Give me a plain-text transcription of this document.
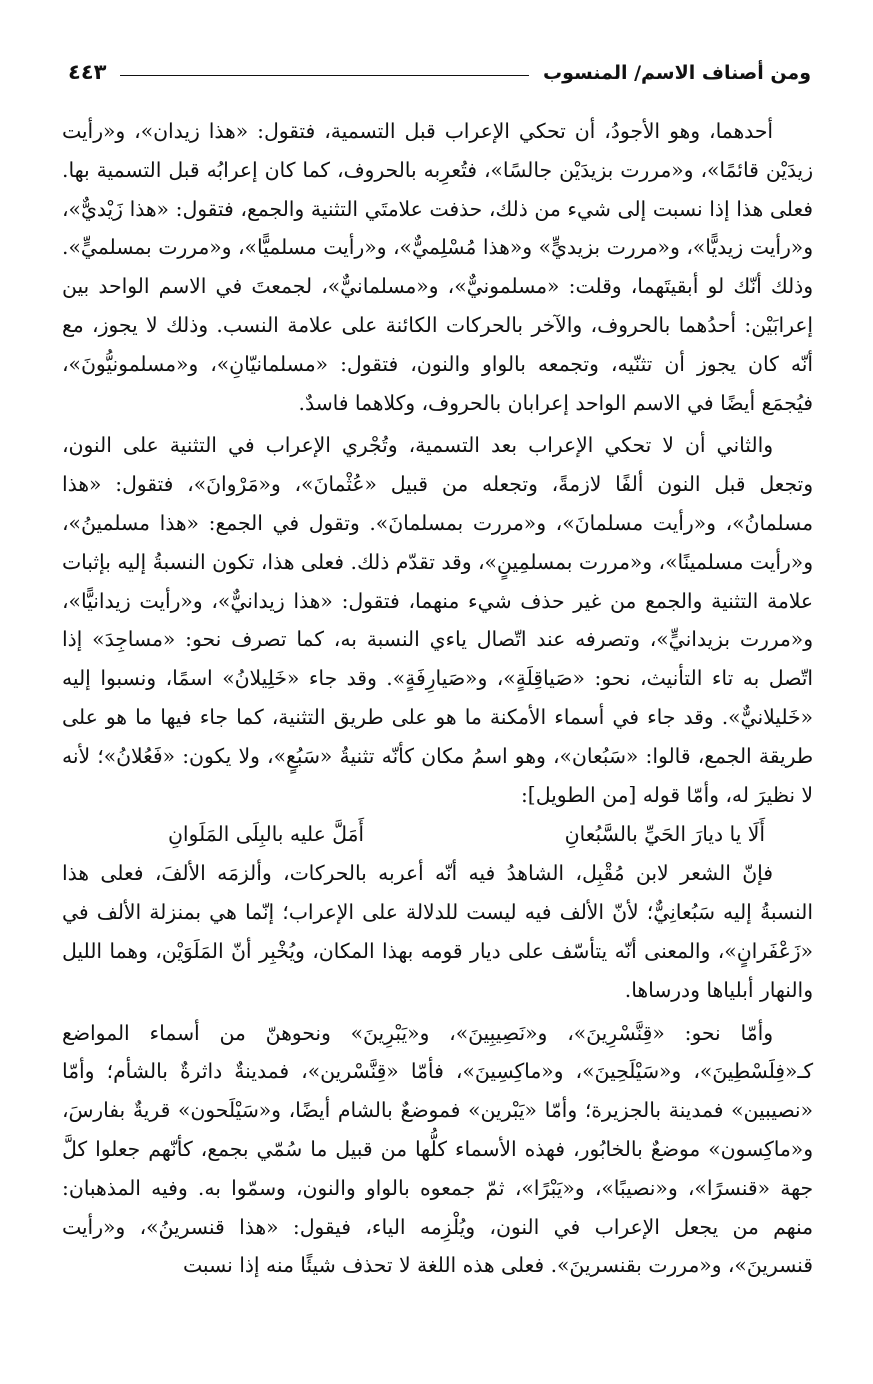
ومن أصناف الاسم/ المنسوب
٤٤٣

أحدهما، وهو الأجودُ، أن تحكي الإعراب قبل التسمية، فتقول: «هذا زيدان»، و«رأيت زيدَيْن قائمًا»، و«مررت بزيدَيْن جالسًا»، فتُعرِبه بالحروف، كما كان إعرابُه قبل التسمية بها. فعلى هذا إذا نسبت إلى شيء من ذلك، حذفت علامتَي التثنية والجمع، فتقول: «هذا زَيْديٌّ»، و«رأيت زيديًّا»، و«مررت بزيديٍّ» و«هذا مُسْلِميٌّ»، و«رأيت مسلميًّا»، و«مررت بمسلميٍّ». وذلك أنّك لو أبقيتَهما، وقلت: «مسلمونيٌّ»، و«مسلمانيٌّ»، لجمعتَ في الاسم الواحد بين إعرابَيْن: أحدُهما بالحروف، والآخر بالحركات الكائنة على علامة النسب. وذلك لا يجوز، مع أنّه كان يجوز أن تثنّيه، وتجمعه بالواو والنون، فتقول: «مسلمانيّانِ»، و«مسلمونيُّونَ»، فيُجمَع أيضًا في الاسم الواحد إعرابان بالحروف، وكلاهما فاسدٌ.

والثاني أن لا تحكي الإعراب بعد التسمية، وتُجْري الإعراب في التثنية على النون، وتجعل قبل النون ألفًا لازمةً، وتجعله من قبيل «عُثْمانَ»، و«مَرْوانَ»، فتقول: «هذا مسلمانُ»، و«رأيت مسلمانَ»، و«مررت بمسلمانَ». وتقول في الجمع: «هذا مسلمينُ»، و«رأيت مسلمينًا»، و«مررت بمسلمِينٍ»، وقد تقدّم ذلك. فعلى هذا، تكون النسبةُ إليه بإثبات علامة التثنية والجمع من غير حذف شيء منهما، فتقول: «هذا زيدانيٌّ»، و«رأيت زيدانيًّا»، و«مررت بزيدانيٍّ»، وتصرفه عند اتّصال ياءي النسبة به، كما تصرف نحو: «مساجِدَ» إذا اتّصل به تاء التأنيث، نحو: «صَياقِلَةٍ»، و«صَيارِفَةٍ». وقد جاء «خَلِيلانُ» اسمًا، ونسبوا إليه «خَليلانيٌّ». وقد جاء في أسماء الأمكنة ما هو على طريق التثنية، كما جاء فيها ما هو على طريقة الجمع، قالوا: «سَبُعان»، وهو اسمُ مكان كأنّه تثنيةُ «سَبُعٍ»، ولا يكون: «فَعُلانُ»؛ لأنه لا نظيرَ له، وأمّا قوله [من الطويل]:

أَلَا يا ديارَ الحَيِّ بالسَّبُعانِ
أَمَلَّ عليه بالبِلَى المَلَوانِ

فإنّ الشعر لابن مُقْبِل، الشاهدُ فيه أنّه أعربه بالحركات، وألزمَه الألفَ، فعلى هذا النسبةُ إليه سَبُعانِيٌّ؛ لأنّ الألف فيه ليست للدلالة على الإعراب؛ إنّما هي بمنزلة الألف في «زَعْفَرانٍ»، والمعنى أنّه يتأسّف على ديار قومه بهذا المكان، ويُخْبِر أنّ المَلَوَيْن، وهما الليل والنهار أبلياها ودرساها.

وأمّا نحو: «قِنَّسْرِينَ»، و«نَصِيبِينَ»، و«يَبْرِينَ» ونحوهنّ من أسماء المواضع كـ«فِلَسْطِينَ»، و«سَيْلَحِينَ»، و«ماكِسِينَ»، فأمّا «قِنَّسْرين»، فمدينةٌ داثرةٌ بالشأم؛ وأمّا «نصيبين» فمدينة بالجزيرة؛ وأمّا «يَبْرين» فموضعٌ بالشام أيضًا، و«سَيْلَحون» قريةٌ بفارسَ، و«ماكِسون» موضعٌ بالخابُور، فهذه الأسماء كلُّها من قبيل ما سُمّي بجمع، كأنّهم جعلوا كلَّ جهة «قنسرًا»، و«نصيبًا»، و«يَبْرًا»، ثمّ جمعوه بالواو والنون، وسمّوا به. وفيه المذهبان: منهم من يجعل الإعراب في النون، ويُلْزِمه الياء، فيقول: «هذا قنسرينُ»، و«رأيت قنسرينَ»، و«مررت بقنسرينَ». فعلى هذه اللغة لا تحذف شيئًا منه إذا نسبت
